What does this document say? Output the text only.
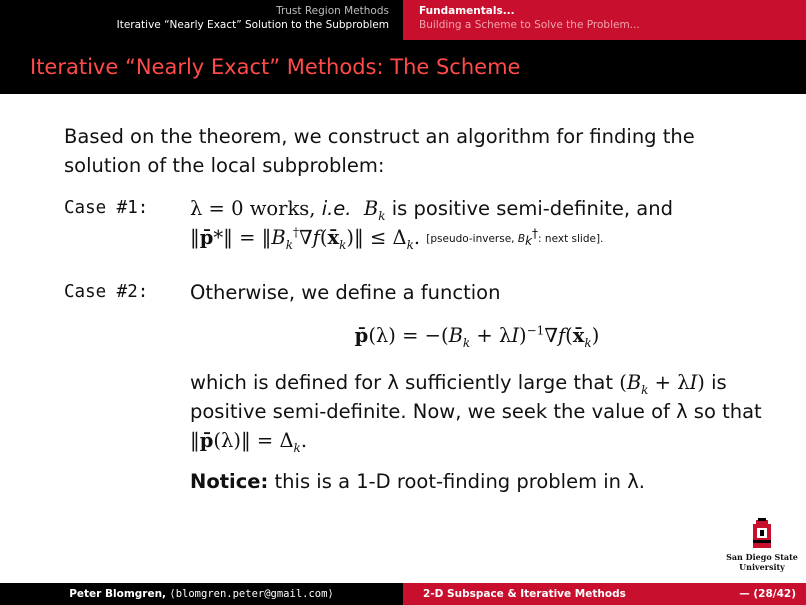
Trust Region Methods
Iterative “Nearly Exact” Solution to the Subproblem
Fundamentals...
Building a Scheme to Solve the Problem...
Iterative “Nearly Exact” Methods: The Scheme
Based on the theorem, we construct an algorithm for finding the solution of the local subproblem:
Case #1: λ = 0 works, i.e. $B_k$ is positive semi-definite, and
‖p̄*‖ = $‖B_k^\dagger\nabla f(x̄_k)‖ \le \Delta_k$. [pseudo-inverse, $B_k^\dagger$: next slide].
Case #2: Otherwise, we define a function
p̄(λ) = $-(B_k$ + $\lambda I)^{-1}\nabla f(x̄_k)$
which is defined for λ sufficiently large that $(B_k + \lambda I)$ is positive semi-definite. Now, we seek the value of λ so that ‖p̄(λ)‖ = $\Delta_k$.
Notice: this is a 1-D root-finding problem in λ.
San Diego State
University
Peter Blomgren, ⟨blomgren.peter@gmail.com⟩	2-D Subspace & Iterative Methods	— (28/42)
